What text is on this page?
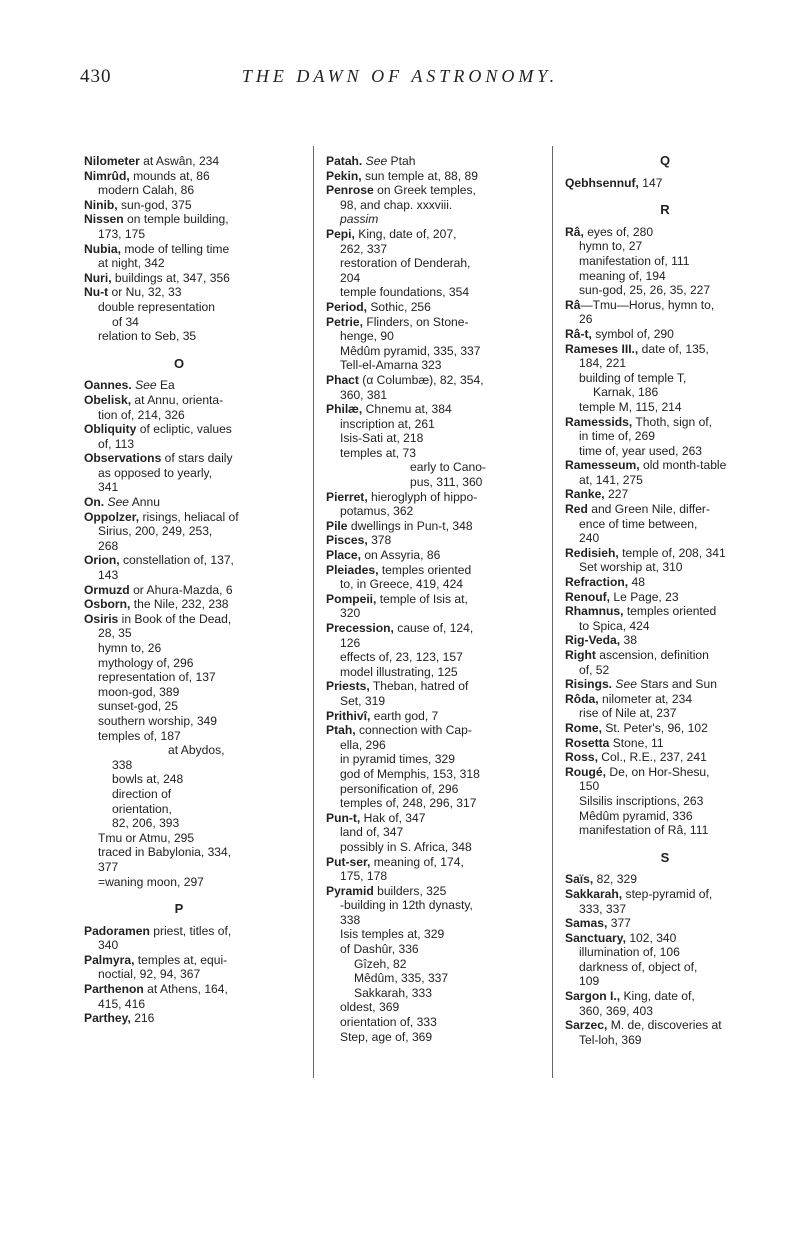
430	THE DAWN OF ASTRONOMY.
Nilometer at Aswân, 234
Nimrûd, mounds at, 86
modern Calah, 86
Ninib, sun-god, 375
Nissen on temple building,
173, 175
Nubia, mode of telling time
at night, 342
Nuri, buildings at, 347, 356
Nu-t or Nu, 32, 33
double representation
of 34
relation to Seb, 35
O
Oannes. See Ea
Obelisk, at Annu, orienta-
tion of, 214, 326
Obliquity of ecliptic, values
of, 113
Observations of stars daily
as opposed to yearly,
341
On. See Annu
Oppolzer, risings, heliacal of
Sirius, 200, 249, 253,
268
Orion, constellation of, 137,
143
Ormuzd or Ahura-Mazda, 6
Osborn, the Nile, 232, 238
Osiris in Book of the Dead,
28, 35
hymn to, 26
mythology of, 296
representation of, 137
moon-god, 389
sunset-god, 25
southern worship, 349
temples of, 187
at Abydos,
338
bowls at, 248
direction of
orientation,
82, 206, 393
Tmu or Atmu, 295
traced in Babylonia, 334,
377
=waning moon, 297
P
Padoramen priest, titles of,
340
Palmyra, temples at, equi-
noctial, 92, 94, 367
Parthenon at Athens, 164,
415, 416
Parthey, 216
Patah. See Ptah
Pekin, sun temple at, 88, 89
Penrose on Greek temples,
98, and chap. xxxviii.
passim
Pepi, King, date of, 207,
262, 337
restoration of Denderah,
204
temple foundations, 354
Period, Sothic, 256
Petrie, Flinders, on Stone-
henge, 90
Mêdûm pyramid, 335, 337
Tell-el-Amarna 323
Phact (α Columbæ), 82, 354,
360, 381
Philæ, Chnemu at, 384
inscription at, 261
Isis-Sati at, 218
temples at, 73
early to Cano-
pus, 311, 360
Pierret, hieroglyph of hippo-
potamus, 362
Pile dwellings in Pun-t, 348
Pisces, 378
Place, on Assyria, 86
Pleiades, temples oriented
to, in Greece, 419, 424
Pompeii, temple of Isis at,
320
Precession, cause of, 124,
126
effects of, 23, 123, 157
model illustrating, 125
Priests, Theban, hatred of
Set, 319
Prithivî, earth god, 7
Ptah, connection with Cap-
ella, 296
in pyramid times, 329
god of Memphis, 153, 318
personification of, 296
temples of, 248, 296, 317
Pun-t, Hak of, 347
land of, 347
possibly in S. Africa, 348
Put-ser, meaning of, 174,
175, 178
Pyramid builders, 325
-building in 12th dynasty,
338
Isis temples at, 329
of Dashûr, 336
Gîzeh, 82
Mêdûm, 335, 337
Sakkarah, 333
oldest, 369
orientation of, 333
Step, age of, 369
Q
Qebhsennuf, 147
R
Râ, eyes of, 280
hymn to, 27
manifestation of, 111
meaning of, 194
sun-god, 25, 26, 35, 227
Râ—Tmu—Horus, hymn to,
26
Râ-t, symbol of, 290
Rameses III., date of, 135,
184, 221
building of temple T,
Karnak, 186
temple M, 115, 214
Ramessids, Thoth, sign of,
in time of, 269
time of, year used, 263
Ramesseum, old month-table
at, 141, 275
Ranke, 227
Red and Green Nile, differ-
ence of time between,
240
Redisieh, temple of, 208, 341
Set worship at, 310
Refraction, 48
Renouf, Le Page, 23
Rhamnus, temples oriented
to Spica, 424
Rig-Veda, 38
Right ascension, definition
of, 52
Risings. See Stars and Sun
Rôda, nilometer at, 234
rise of Nile at, 237
Rome, St. Peter's, 96, 102
Rosetta Stone, 11
Ross, Col., R.E., 237, 241
Rougé, De, on Hor-Shesu,
150
Silsilis inscriptions, 263
Mêdûm pyramid, 336
manifestation of Râ, 111
S
Saïs, 82, 329
Sakkarah, step-pyramid of,
333, 337
Samas, 377
Sanctuary, 102, 340
illumination of, 106
darkness of, object of,
109
Sargon I., King, date of,
360, 369, 403
Sarzec, M. de, discoveries at
Tel-loh, 369
